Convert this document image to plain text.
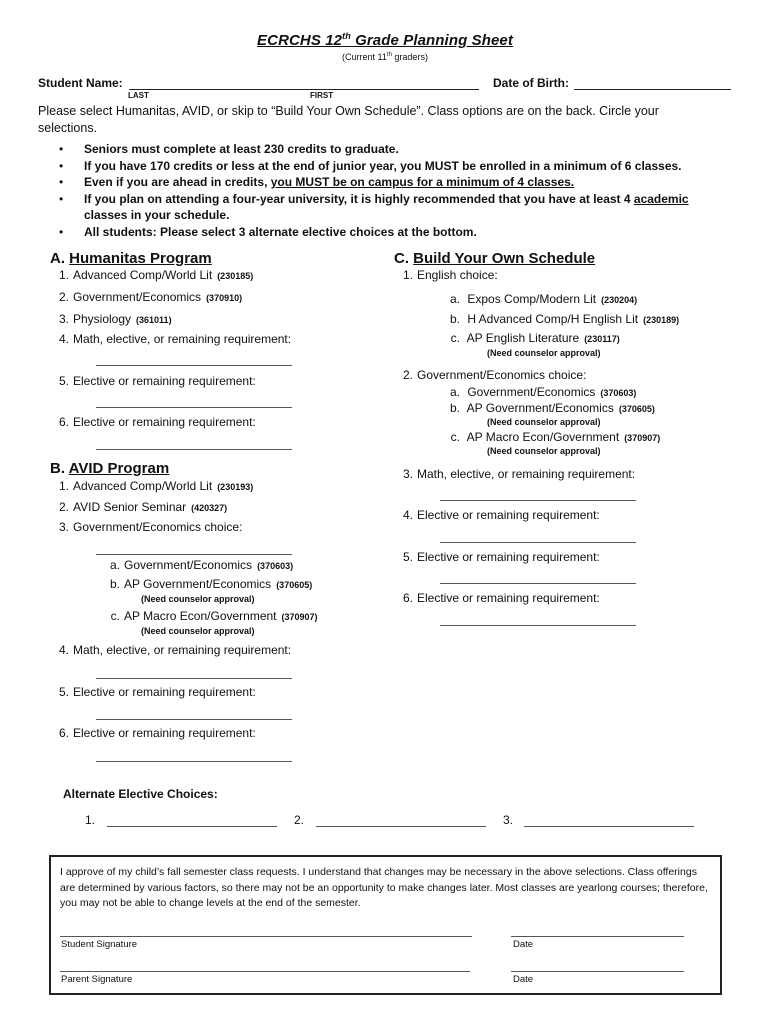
ECRCHS 12th Grade Planning Sheet
(Current 11th graders)
Student Name:
LAST	FIRST
Date of Birth:
Please select Humanitas, AVID, or skip to “Build Your Own Schedule”. Class options are on the back. Circle your selections.
• Seniors must complete at least 230 credits to graduate.
• If you have 170 credits or less at the end of junior year, you MUST be enrolled in a minimum of 6 classes.
• Even if you are ahead in credits, you MUST be on campus for a minimum of 4 classes.
• If you plan on attending a four-year university, it is highly recommended that you have at least 4 academic classes in your schedule.
• All students: Please select 3 alternate elective choices at the bottom.
A. Humanitas Program
1. Advanced Comp/World Lit (230185)
2. Government/Economics (370910)
3. Physiology (361011)
4. Math, elective, or remaining requirement:
5. Elective or remaining requirement:
6. Elective or remaining requirement:
B. AVID Program
1. Advanced Comp/World Lit (230193)
2. AVID Senior Seminar (420327)
3. Government/Economics choice:
a. Government/Economics (370603)
b. AP Government/Economics (370605)
(Need counselor approval)
c. AP Macro Econ/Government (370907)
(Need counselor approval)
4. Math, elective, or remaining requirement:
5. Elective or remaining requirement:
6. Elective or remaining requirement:
C. Build Your Own Schedule
1. English choice:
a. Expos Comp/Modern Lit (230204)
b. H Advanced Comp/H English Lit (230189)
c. AP English Literature (230117)
(Need counselor approval)
2. Government/Economics choice:
a. Government/Economics (370603)
b. AP Government/Economics (370605)
(Need counselor approval)
c. AP Macro Econ/Government (370907)
(Need counselor approval)
3. Math, elective, or remaining requirement:
4. Elective or remaining requirement:
5. Elective or remaining requirement:
6. Elective or remaining requirement:
Alternate Elective Choices:
1.	2.	3.
I approve of my child’s fall semester class requests. I understand that changes may be necessary in the above selections. Class offerings are determined by various factors, so there may not be an opportunity to make changes later. Most classes are yearlong courses; therefore, you may not be able to change levels at the end of the semester.
Student Signature	Date
Parent Signature	Date
